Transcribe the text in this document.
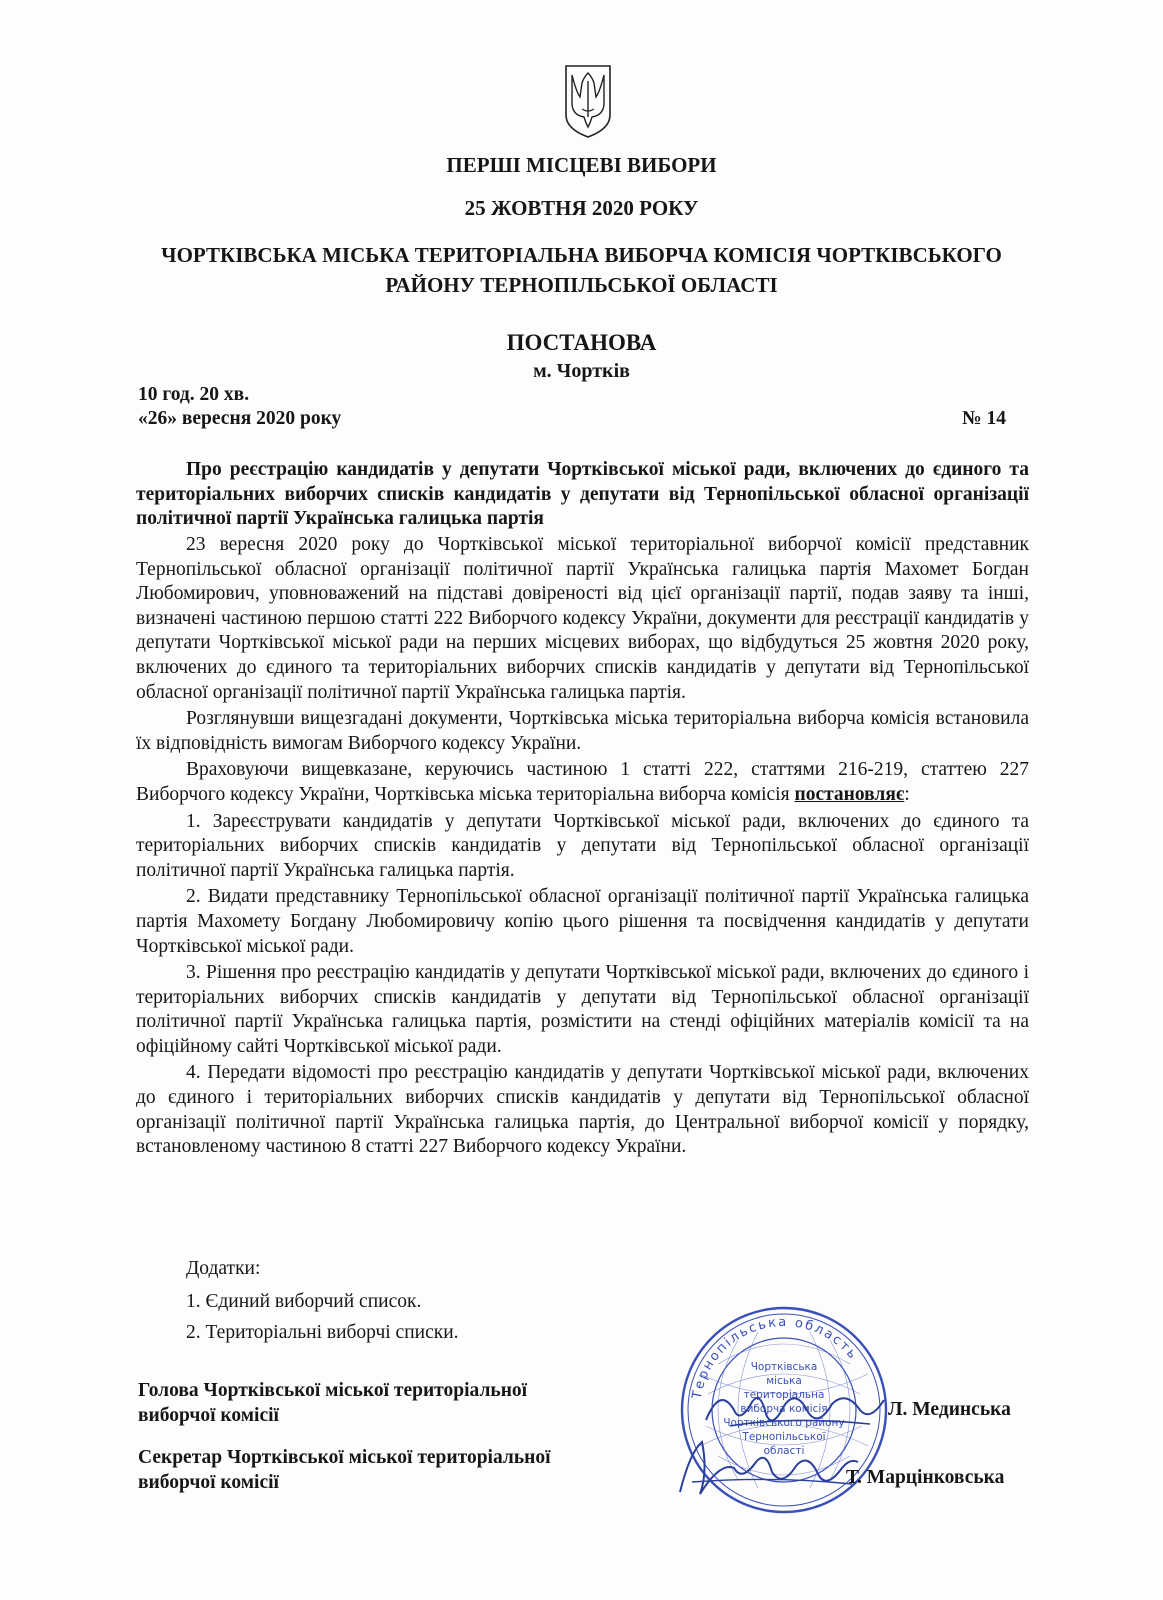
ПЕРШІ МІСЦЕВІ ВИБОРИ
25 ЖОВТНЯ 2020 РОКУ
ЧОРТКІВСЬКА МІСЬКА ТЕРИТОРІАЛЬНА ВИБОРЧА КОМІСІЯ ЧОРТКІВСЬКОГО
РАЙОНУ ТЕРНОПІЛЬСЬКОЇ ОБЛАСТІ
ПОСТАНОВА
м. Чортків
10 год. 20 хв.
«26» вересня 2020 року	№ 14

Про реєстрацію кандидатів у депутати Чортківської міської ради, включених до єдиного та територіальних виборчих списків кандидатів у депутати від Тернопільської обласної організації політичної партії Українська галицька партія

23 вересня 2020 року до Чортківської міської територіальної виборчої комісії представник Тернопільської обласної організації політичної партії Українська галицька партія Махомет Богдан Любомирович, уповноважений на підставі довіреності від цієї організації партії, подав заяву та інші, визначені частиною першою статті 222 Виборчого кодексу України, документи для реєстрації кандидатів у депутати Чортківської міської ради на перших місцевих виборах, що відбудуться 25 жовтня 2020 року, включених до єдиного та територіальних виборчих списків кандидатів у депутати від Тернопільської обласної організації політичної партії Українська галицька партія.

Розглянувши вищезгадані документи, Чортківська міська територіальна виборча комісія встановила їх відповідність вимогам Виборчого кодексу України.

Враховуючи вищевказане, керуючись частиною 1 статті 222, статтями 216-219, статтею 227 Виборчого кодексу України, Чортківська міська територіальна виборча комісія постановляє:

1. Зареєструвати кандидатів у депутати Чортківської міської ради, включених до єдиного та територіальних виборчих списків кандидатів у депутати від Тернопільської обласної організації політичної партії Українська галицька партія.

2. Видати представнику Тернопільської обласної організації політичної партії Українська галицька партія Махомету Богдану Любомировичу копію цього рішення та посвідчення кандидатів у депутати Чортківської міської ради.

3. Рішення про реєстрацію кандидатів у депутати Чортківської міської ради, включених до єдиного і територіальних виборчих списків кандидатів у депутати від Тернопільської обласної організації політичної партії Українська галицька партія, розмістити на стенді офіційних матеріалів комісії та на офіційному сайті Чортківської міської ради.

4. Передати відомості про реєстрацію кандидатів у депутати Чортківської міської ради, включених до єдиного і територіальних виборчих списків кандидатів у депутати від Тернопільської обласної організації політичної партії Українська галицька партія, до Центральної виборчої комісії у порядку, встановленому частиною 8 статті 227 Виборчого кодексу України.

Додатки:
1. Єдиний виборчий список.
2. Територіальні виборчі списки.
Голова Чортківської міської територіальної
виборчої комісії
Секретар Чортківської міської територіальної
виборчої комісії
Тернопільська область
Чортківська
міська
територіальна
виборча комісія
Чортківського району
Тернопільської
області
Л. Мединська
Т. Марцінковська
